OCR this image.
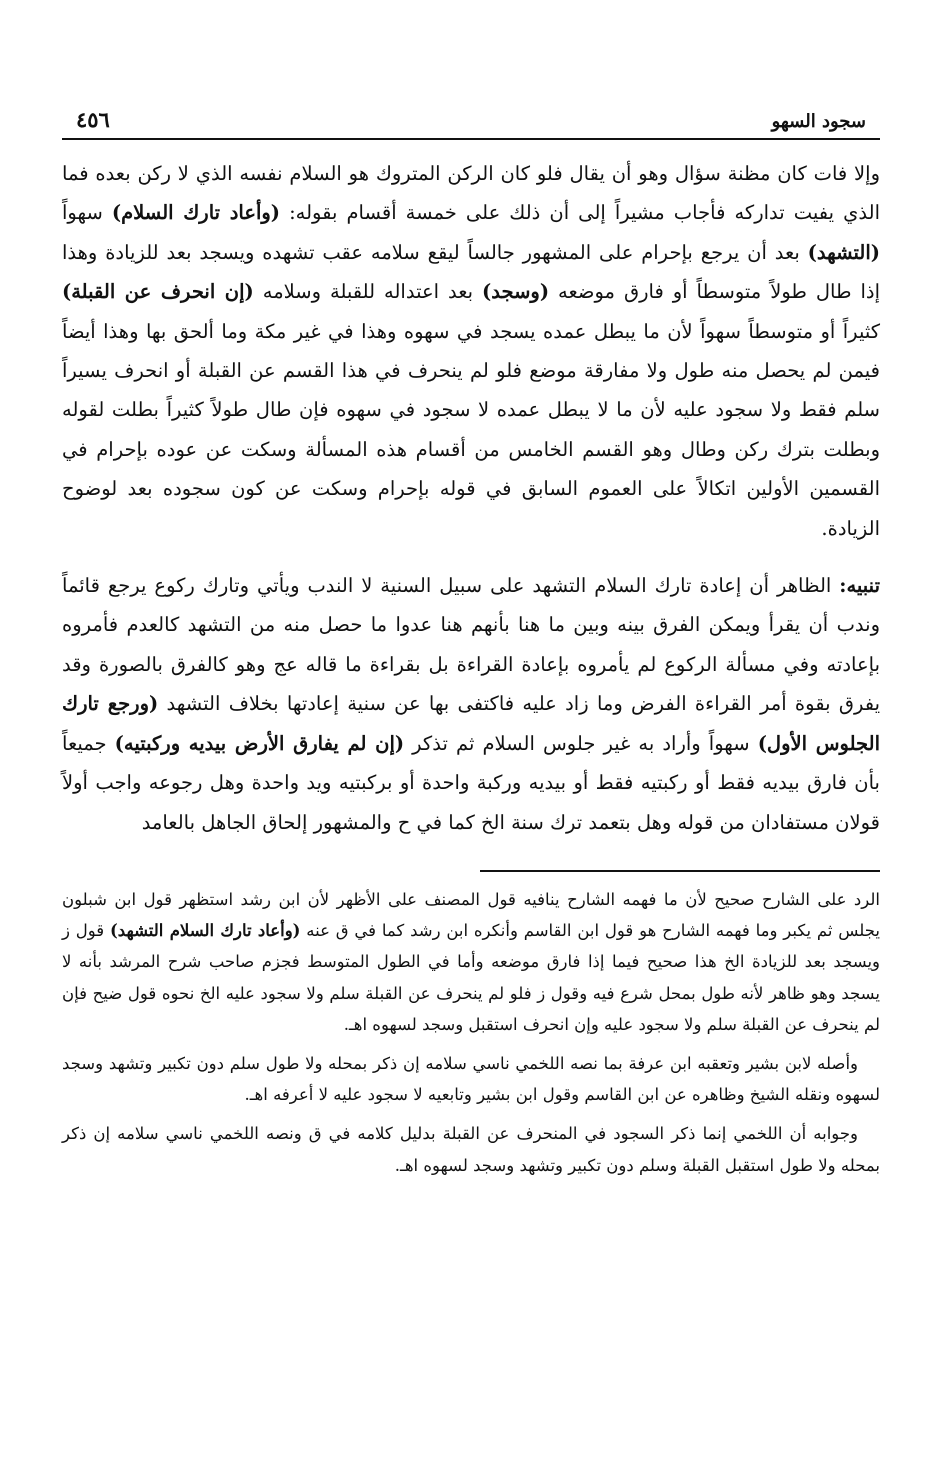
سجود السهو
٤٥٦

وإلا فات كان مظنة سؤال وهو أن يقال فلو كان الركن المتروك هو السلام نفسه الذي لا ركن بعده فما الذي يفيت تداركه فأجاب مشيراً إلى أن ذلك على خمسة أقسام بقوله: (وأعاد تارك السلام) سهواً (التشهد) بعد أن يرجع بإحرام على المشهور جالساً ليقع سلامه عقب تشهده ويسجد بعد للزيادة وهذا إذا طال طولاً متوسطاً أو فارق موضعه (وسجد) بعد اعتداله للقبلة وسلامه (إن انحرف عن القبلة) كثيراً أو متوسطاً سهواً لأن ما يبطل عمده يسجد في سهوه وهذا في غير مكة وما ألحق بها وهذا أيضاً فيمن لم يحصل منه طول ولا مفارقة موضع فلو لم ينحرف في هذا القسم عن القبلة أو انحرف يسيراً سلم فقط ولا سجود عليه لأن ما لا يبطل عمده لا سجود في سهوه فإن طال طولاً كثيراً بطلت لقوله وبطلت بترك ركن وطال وهو القسم الخامس من أقسام هذه المسألة وسكت عن عوده بإحرام في القسمين الأولين اتكالاً على العموم السابق في قوله بإحرام وسكت عن كون سجوده بعد لوضوح الزيادة.

تنبيه: الظاهر أن إعادة تارك السلام التشهد على سبيل السنية لا الندب ويأتي وتارك ركوع يرجع قائماً وندب أن يقرأ ويمكن الفرق بينه وبين ما هنا بأنهم هنا عدوا ما حصل منه من التشهد كالعدم فأمروه بإعادته وفي مسألة الركوع لم يأمروه بإعادة القراءة بل بقراءة ما قاله عج وهو كالفرق بالصورة وقد يفرق بقوة أمر القراءة الفرض وما زاد عليه فاكتفى بها عن سنية إعادتها بخلاف التشهد (ورجع تارك الجلوس الأول) سهواً وأراد به غير جلوس السلام ثم تذكر (إن لم يفارق الأرض بيديه وركبتيه) جميعاً بأن فارق بيديه فقط أو ركبتيه فقط أو بيديه وركبة واحدة أو بركبتيه ويد واحدة وهل رجوعه واجب أولاً قولان مستفادان من قوله وهل بتعمد ترك سنة الخ كما في ح والمشهور إلحاق الجاهل بالعامد

الرد على الشارح صحيح لأن ما فهمه الشارح ينافيه قول المصنف على الأظهر لأن ابن رشد استظهر قول ابن شبلون يجلس ثم يكبر وما فهمه الشارح هو قول ابن القاسم وأنكره ابن رشد كما في ق عنه (وأعاد تارك السلام التشهد) قول ز ويسجد بعد للزيادة الخ هذا صحيح فيما إذا فارق موضعه وأما في الطول المتوسط فجزم صاحب شرح المرشد بأنه لا يسجد وهو ظاهر لأنه طول بمحل شرع فيه وقول ز فلو لم ينحرف عن القبلة سلم ولا سجود عليه الخ نحوه قول ضيح فإن لم ينحرف عن القبلة سلم ولا سجود عليه وإن انحرف استقبل وسجد لسهوه اهـ.

وأصله لابن بشير وتعقبه ابن عرفة بما نصه اللخمي ناسي سلامه إن ذكر بمحله ولا طول سلم دون تكبير وتشهد وسجد لسهوه ونقله الشيخ وظاهره عن ابن القاسم وقول ابن بشير وتابعيه لا سجود عليه لا أعرفه اهـ.

وجوابه أن اللخمي إنما ذكر السجود في المنحرف عن القبلة بدليل كلامه في ق ونصه اللخمي ناسي سلامه إن ذكر بمحله ولا طول استقبل القبلة وسلم دون تكبير وتشهد وسجد لسهوه اهـ.
